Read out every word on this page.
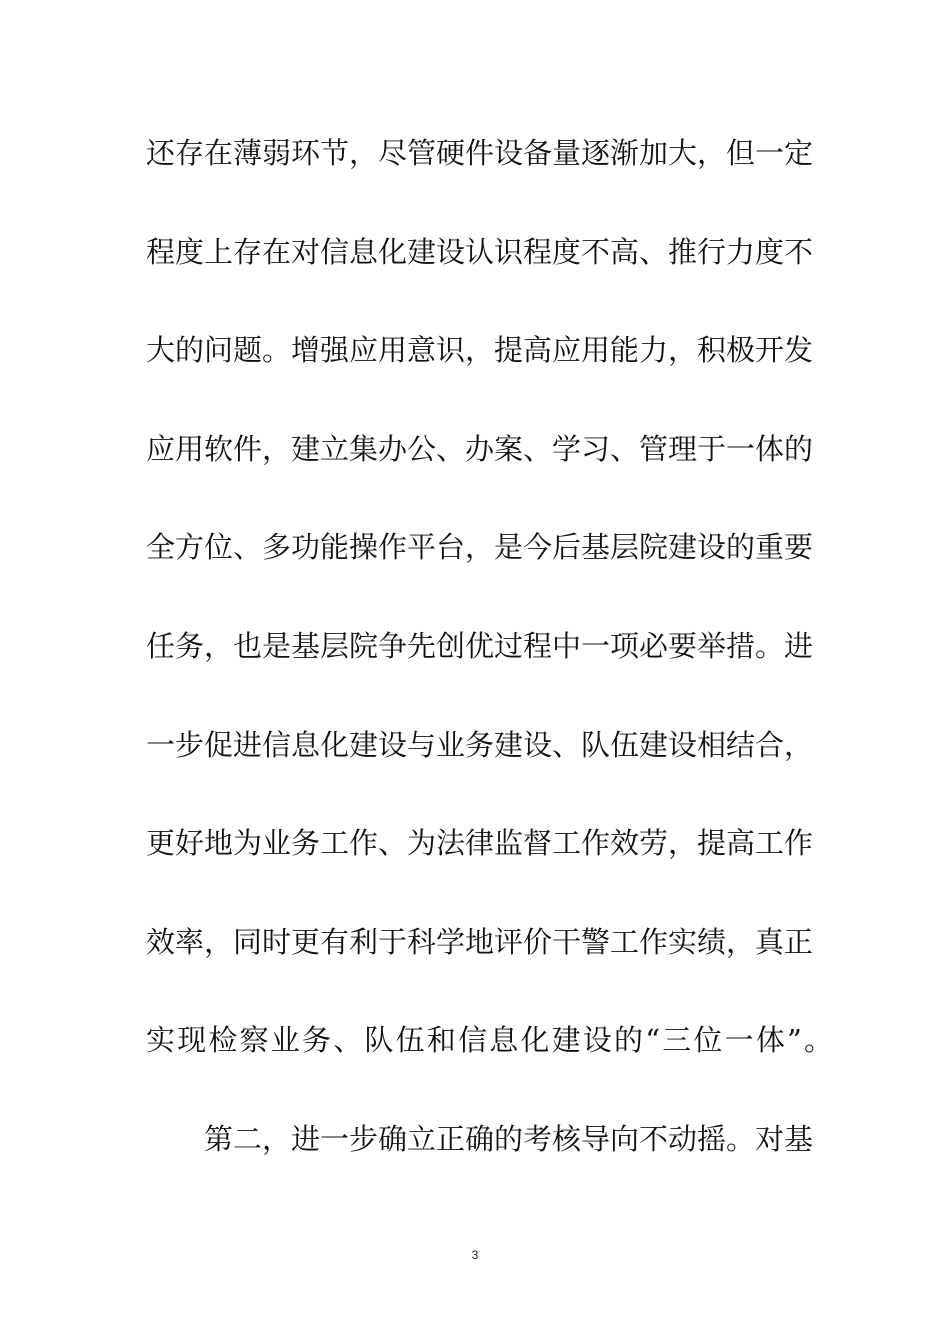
还存在薄弱环节，尽管硬件设备量逐渐加大，但一定
程度上存在对信息化建设认识程度不高、推行力度不
大的问题。增强应用意识，提高应用能力，积极开发
应用软件，建立集办公、办案、学习、管理于一体的
全方位、多功能操作平台，是今后基层院建设的重要
任务，也是基层院争先创优过程中一项必要举措。进
一步促进信息化建设与业务建设、队伍建设相结合，
更好地为业务工作、为法律监督工作效劳，提高工作
效率，同时更有利于科学地评价干警工作实绩，真正
实现检察业务、队伍和信息化建设的“三位一体”。
第二，进一步确立正确的考核导向不动摇。对基
3
